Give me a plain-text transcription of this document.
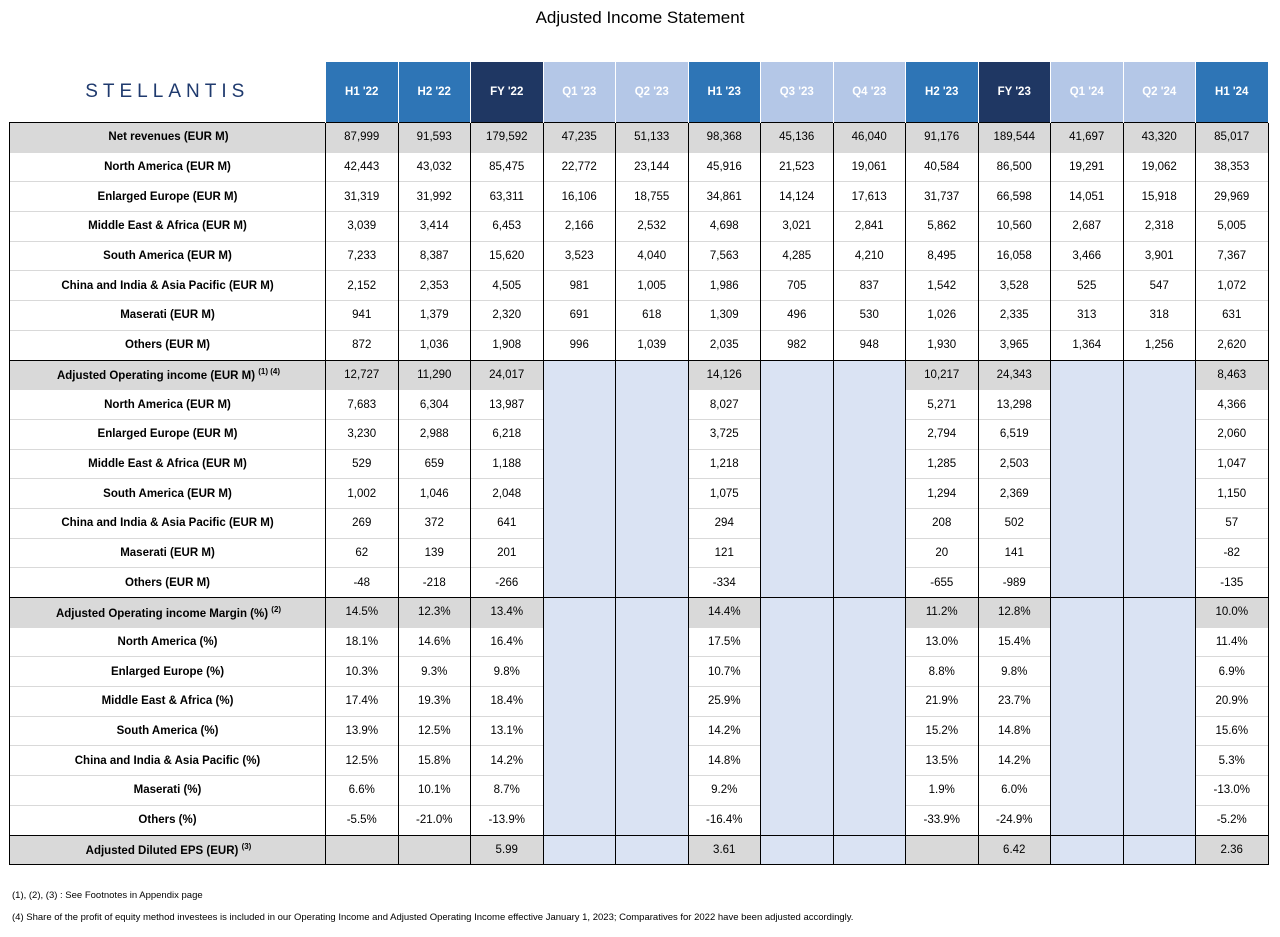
Adjusted Income Statement
STELLANTIS	H1 '22	H2 '22	FY '22	Q1 '23	Q2 '23	H1 '23	Q3 '23	Q4 '23	H2 '23	FY '23	Q1 '24	Q2 '24	H1 '24
Net revenues (EUR M)	87,999	91,593	179,592	47,235	51,133	98,368	45,136	46,040	91,176	189,544	41,697	43,320	85,017
North America (EUR M)	42,443	43,032	85,475	22,772	23,144	45,916	21,523	19,061	40,584	86,500	19,291	19,062	38,353
Enlarged Europe (EUR M)	31,319	31,992	63,311	16,106	18,755	34,861	14,124	17,613	31,737	66,598	14,051	15,918	29,969
Middle East & Africa (EUR M)	3,039	3,414	6,453	2,166	2,532	4,698	3,021	2,841	5,862	10,560	2,687	2,318	5,005
South America (EUR M)	7,233	8,387	15,620	3,523	4,040	7,563	4,285	4,210	8,495	16,058	3,466	3,901	7,367
China and India & Asia Pacific (EUR M)	2,152	2,353	4,505	981	1,005	1,986	705	837	1,542	3,528	525	547	1,072
Maserati (EUR M)	941	1,379	2,320	691	618	1,309	496	530	1,026	2,335	313	318	631
Others (EUR M)	872	1,036	1,908	996	1,039	2,035	982	948	1,930	3,965	1,364	1,256	2,620
Adjusted Operating income (EUR M) $^{(1) (4)}$	12,727	11,290	24,017			14,126			10,217	24,343			8,463
North America (EUR M)	7,683	6,304	13,987			8,027			5,271	13,298			4,366
Enlarged Europe (EUR M)	3,230	2,988	6,218			3,725			2,794	6,519			2,060
Middle East & Africa (EUR M)	529	659	1,188			1,218			1,285	2,503			1,047
South America (EUR M)	1,002	1,046	2,048			1,075			1,294	2,369			1,150
China and India & Asia Pacific (EUR M)	269	372	641			294			208	502			57
Maserati (EUR M)	62	139	201			121			20	141			-82
Others (EUR M)	-48	-218	-266			-334			-655	-989			-135
Adjusted Operating income Margin (%) $^{(2)}$	14.5%	12.3%	13.4%			14.4%			11.2%	12.8%			10.0%
North America (%)	18.1%	14.6%	16.4%			17.5%			13.0%	15.4%			11.4%
Enlarged Europe (%)	10.3%	9.3%	9.8%			10.7%			8.8%	9.8%			6.9%
Middle East & Africa (%)	17.4%	19.3%	18.4%			25.9%			21.9%	23.7%			20.9%
South America (%)	13.9%	12.5%	13.1%			14.2%			15.2%	14.8%			15.6%
China and India & Asia Pacific (%)	12.5%	15.8%	14.2%			14.8%			13.5%	14.2%			5.3%
Maserati (%)	6.6%	10.1%	8.7%			9.2%			1.9%	6.0%			-13.0%
Others (%)	-5.5%	-21.0%	-13.9%			-16.4%			-33.9%	-24.9%			-5.2%
Adjusted Diluted EPS (EUR) $^{(3)}$			5.99			3.61				6.42			2.36
(1), (2), (3) : See Footnotes in Appendix page
(4) Share of the profit of equity method investees is included in our Operating Income and Adjusted Operating Income effective January 1, 2023; Comparatives for 2022 have been adjusted accordingly.
